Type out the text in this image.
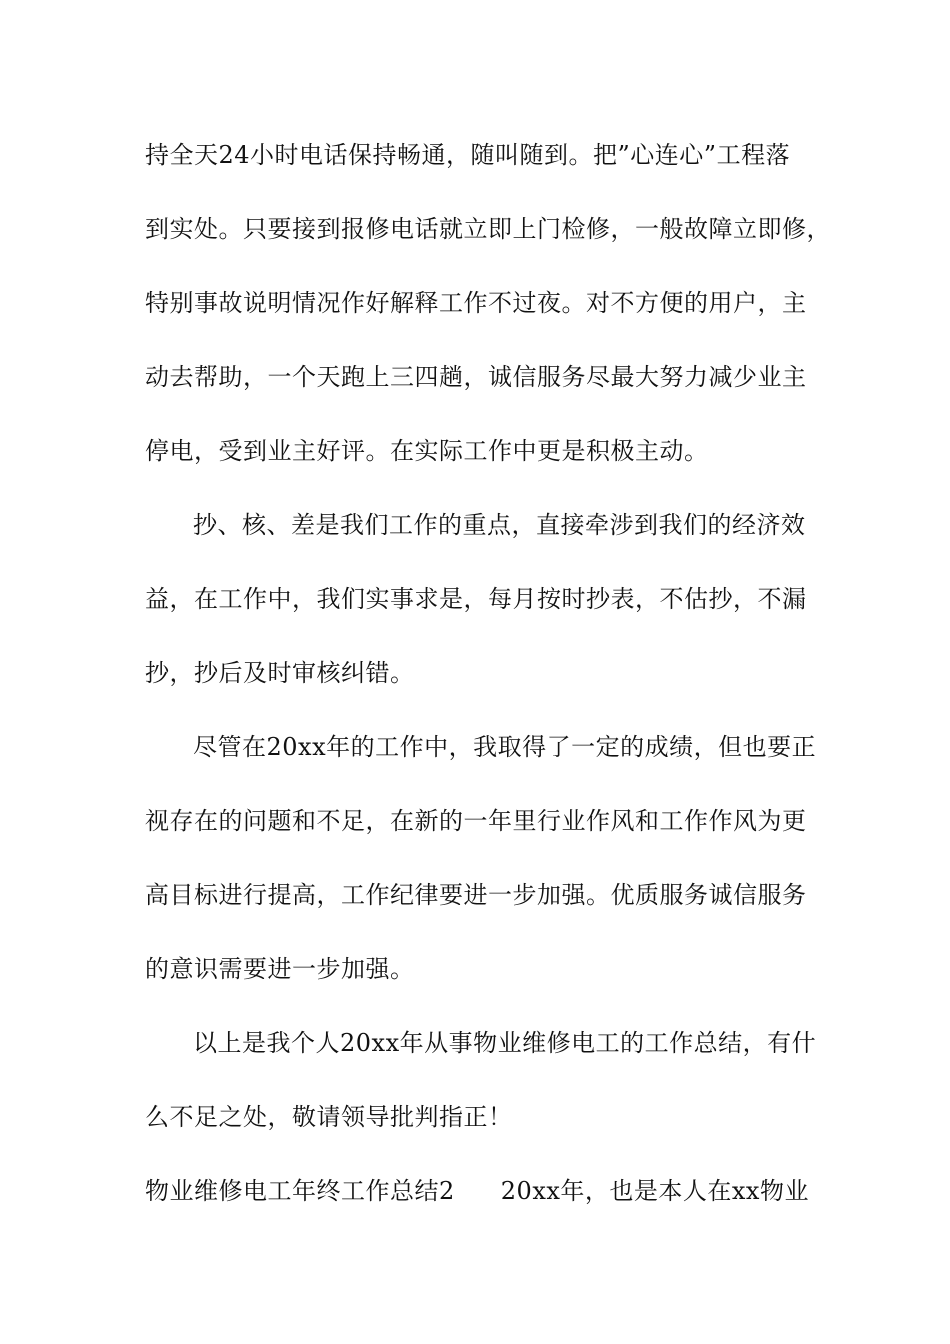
持全天24小时电话保持畅通，随叫随到。把”心连心”工程落
到实处。只要接到报修电话就立即上门检修，一般故障立即修，
特别事故说明情况作好解释工作不过夜。对不方便的用户，主
动去帮助，一个天跑上三四趟，诚信服务尽最大努力减少业主
停电，受到业主好评。在实际工作中更是积极主动。
抄、核、差是我们工作的重点，直接牵涉到我们的经济效
益，在工作中，我们实事求是，每月按时抄表，不估抄，不漏
抄，抄后及时审核纠错。
尽管在20xx年的工作中，我取得了一定的成绩，但也要正
视存在的问题和不足，在新的一年里行业作风和工作作风为更
高目标进行提高，工作纪律要进一步加强。优质服务诚信服务
的意识需要进一步加强。
以上是我个人20xx年从事物业维修电工的工作总结，有什
么不足之处，敬请领导批判指正！
物业维修电工年终工作总结2 20xx年，也是本人在xx物业
